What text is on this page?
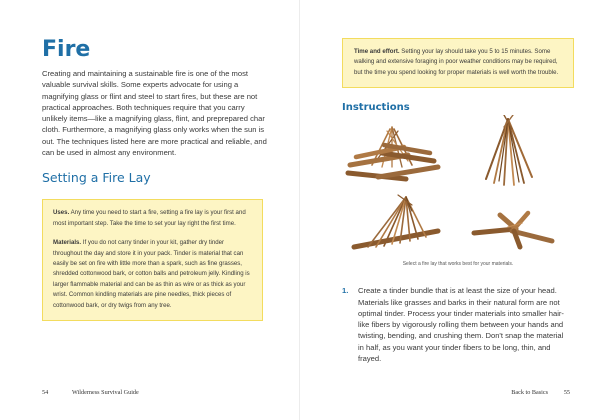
Fire

Creating and maintaining a sustainable fire is one of the most valuable survival skills. Some experts advocate for using a magnifying glass or flint and steel to start fires, but these are not practical approaches. Both techniques require that you carry unlikely items—like a magnifying glass, flint, and preprepared char cloth. Furthermore, a magnifying glass only works when the sun is out. The techniques listed here are more practical and reliable, and can be used in almost any environment.

Setting a Fire Lay

Uses. Any time you need to start a fire, setting a fire lay is your first and most important step. Take the time to set your lay right the first time.

Materials. If you do not carry tinder in your kit, gather dry tinder throughout the day and store it in your pack. Tinder is material that can easily be set on fire with little more than a spark, such as fine grasses, shredded cottonwood bark, or cotton balls and petroleum jelly. Kindling is larger flammable material and can be as thin as wire or as thick as your wrist. Common kindling materials are pine needles, thick pieces of cottonwood bark, or dry twigs from any tree.

54	Wilderness Survival Guide

Time and effort. Setting your lay should take you 5 to 15 minutes. Some walking and extensive foraging in poor weather conditions may be required, but the time you spend looking for proper materials is well worth the trouble.

Instructions
Select a fire lay that works best for your materials.
1.	Create a tinder bundle that is at least the size of your head. Materials like grasses and barks in their natural form are not optimal tinder. Process your tinder materials into smaller hair-like fibers by vigorously rolling them between your hands and twisting, bending, and crushing them. Don't snap the material in half, as you want your tinder fibers to be long, thin, and frayed.

Back to Basics	55
